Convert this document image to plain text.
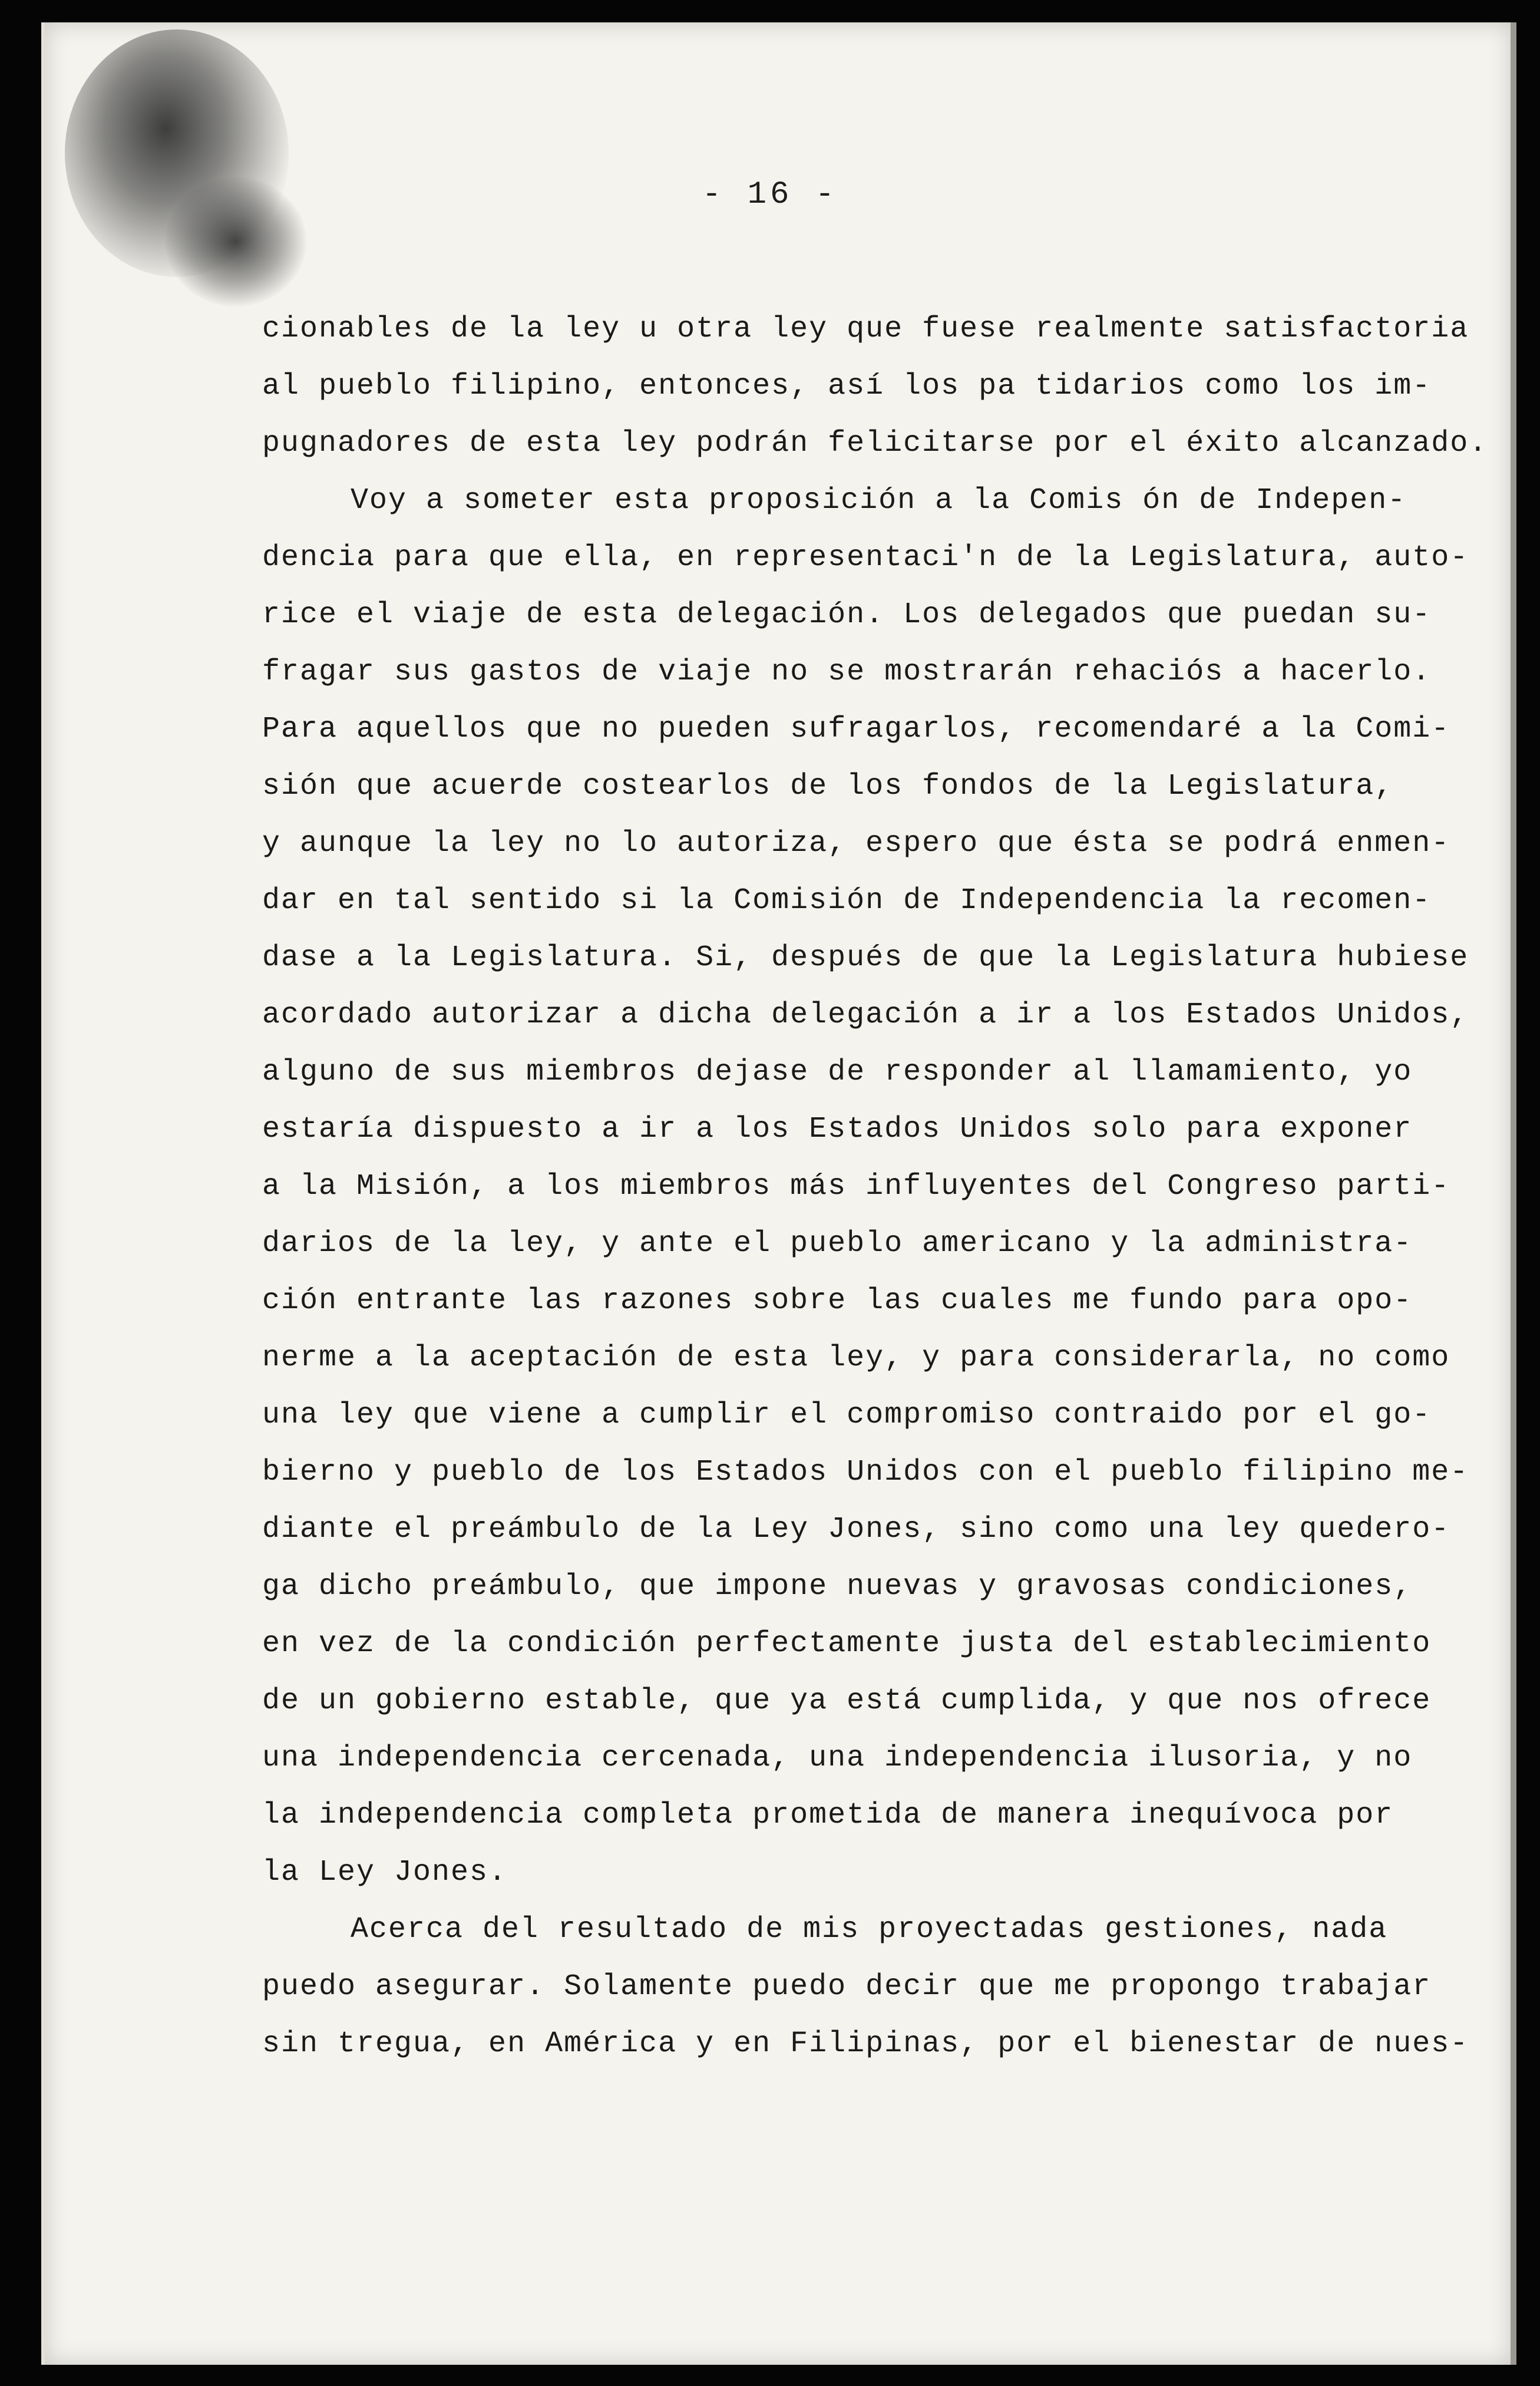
- 16 -
cionables de la ley u otra ley que fuese realmente satisfactoria
al pueblo filipino, entonces, así los pa tidarios como los im-
pugnadores de esta ley podrán felicitarse por el éxito alcanzado.
Voy a someter esta proposición a la Comis ón de Indepen-
dencia para que ella, en representaci'n de la Legislatura, auto-
rice el viaje de esta delegación. Los delegados que puedan su-
fragar sus gastos de viaje no se mostrarán rehaciós a hacerlo.
Para aquellos que no pueden sufragarlos, recomendaré a la Comi-
sión que acuerde costearlos de los fondos de la Legislatura,
y aunque la ley no lo autoriza, espero que ésta se podrá enmen-
dar en tal sentido si la Comisión de Independencia la recomen-
dase a la Legislatura. Si, después de que la Legislatura hubiese
acordado autorizar a dicha delegación a ir a los Estados Unidos,
alguno de sus miembros dejase de responder al llamamiento, yo
estaría dispuesto a ir a los Estados Unidos solo para exponer
a la Misión, a los miembros más influyentes del Congreso parti-
darios de la ley, y ante el pueblo americano y la administra-
ción entrante las razones sobre las cuales me fundo para opo-
nerme a la aceptación de esta ley, y para considerarla, no como
una ley que viene a cumplir el compromiso contraido por el go-
bierno y pueblo de los Estados Unidos con el pueblo filipino me-
diante el preámbulo de la Ley Jones, sino como una ley quedero-
ga dicho preámbulo, que impone nuevas y gravosas condiciones,
en vez de la condición perfectamente justa del establecimiento
de un gobierno estable, que ya está cumplida, y que nos ofrece
una independencia cercenada, una independencia ilusoria, y no
la independencia completa prometida de manera inequívoca por
la Ley Jones.
Acerca del resultado de mis proyectadas gestiones, nada
puedo asegurar. Solamente puedo decir que me propongo trabajar
sin tregua, en América y en Filipinas, por el bienestar de nues-
